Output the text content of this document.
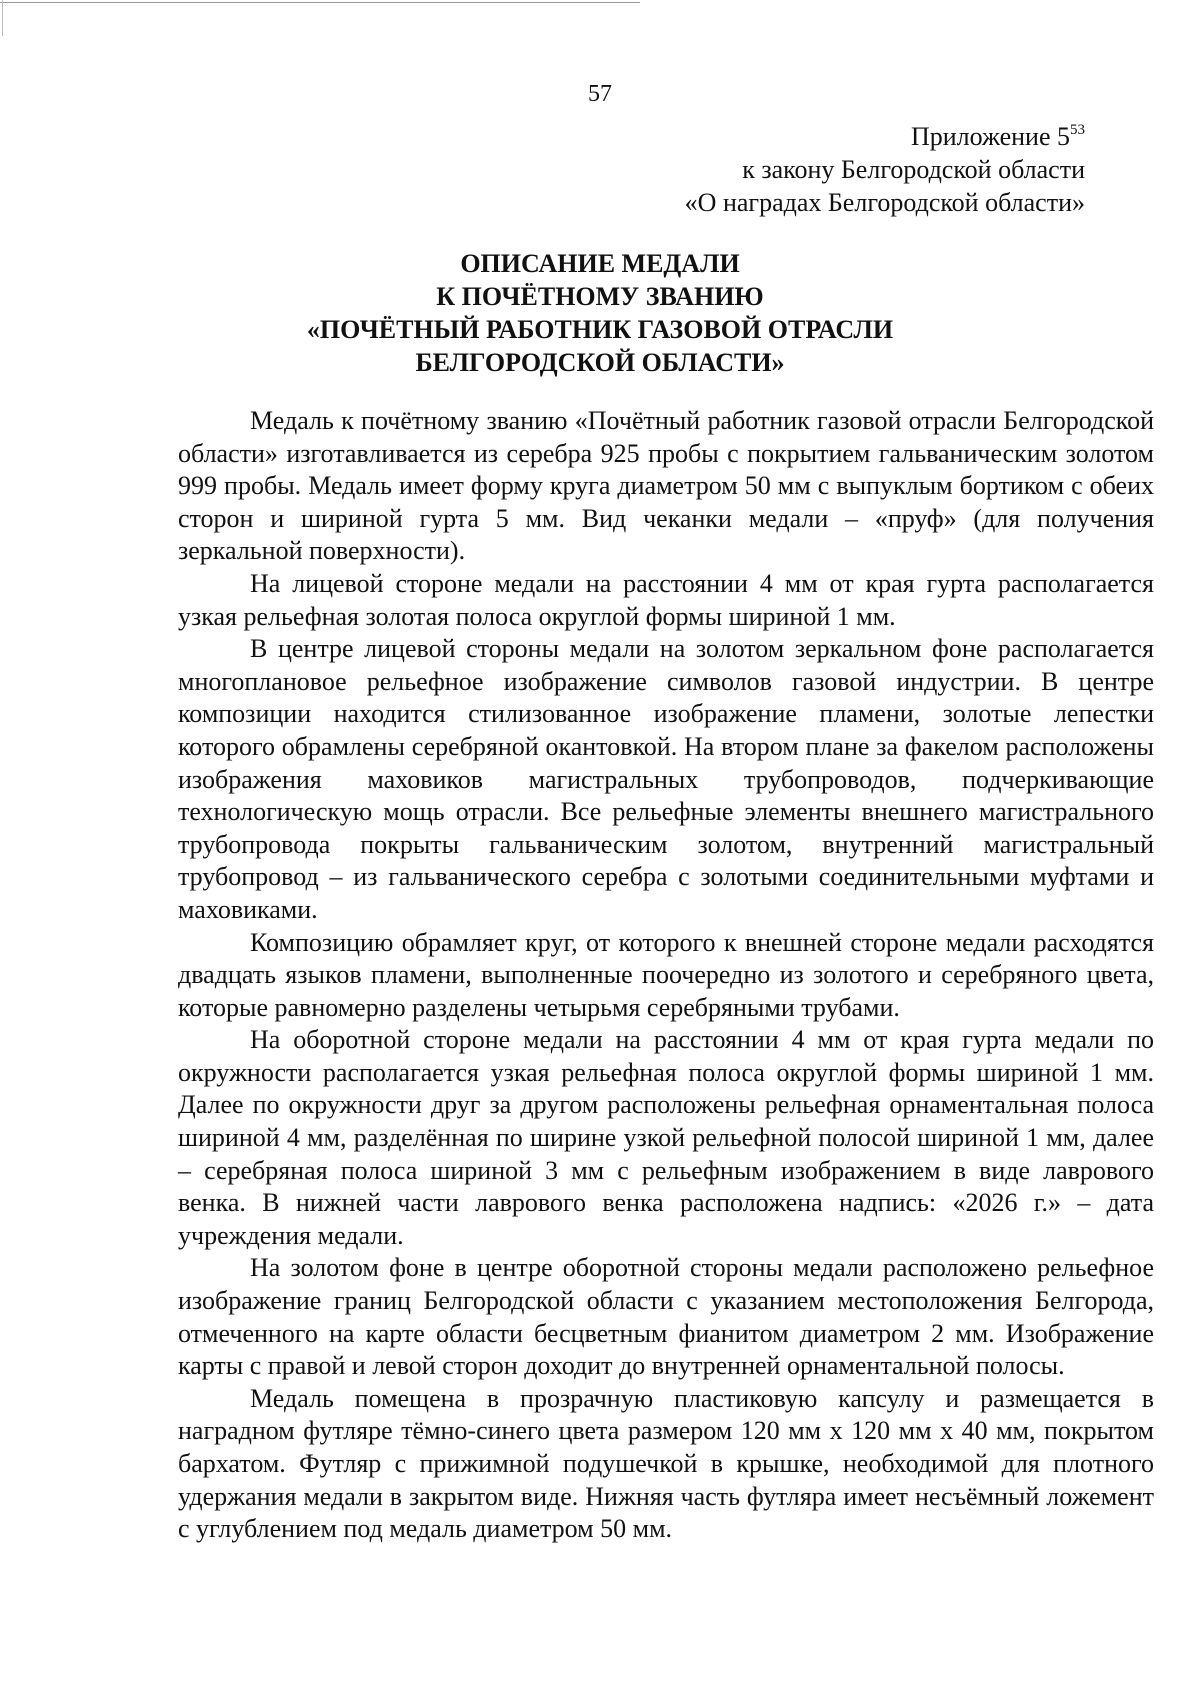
57
Приложение $5^{53}$
к закону Белгородской области
«О наградах Белгородской области»
ОПИСАНИЕ МЕДАЛИ
К ПОЧЁТНОМУ ЗВАНИЮ
«ПОЧЁТНЫЙ РАБОТНИК ГАЗОВОЙ ОТРАСЛИ
БЕЛГОРОДСКОЙ ОБЛАСТИ»

Медаль к почётному званию «Почётный работник газовой отрасли Белгородской области» изготавливается из серебра 925 пробы с покрытием гальваническим золотом 999 пробы. Медаль имеет форму круга диаметром 50 мм с выпуклым бортиком с обеих сторон и шириной гурта 5 мм. Вид чеканки медали – «пруф» (для получения зеркальной поверхности).

На лицевой стороне медали на расстоянии 4 мм от края гурта располагается узкая рельефная золотая полоса округлой формы шириной 1 мм.

В центре лицевой стороны медали на золотом зеркальном фоне располагается многоплановое рельефное изображение символов газовой индустрии. В центре композиции находится стилизованное изображение пламени, золотые лепестки которого обрамлены серебряной окантовкой. На втором плане за факелом расположены изображения маховиков магистральных трубопроводов, подчеркивающие технологическую мощь отрасли. Все рельефные элементы внешнего магистрального трубопровода покрыты гальваническим золотом, внутренний магистральный трубопровод – из гальванического серебра с золотыми соединительными муфтами и маховиками.

Композицию обрамляет круг, от которого к внешней стороне медали расходятся двадцать языков пламени, выполненные поочередно из золотого и серебряного цвета, которые равномерно разделены четырьмя серебряными трубами.

На оборотной стороне медали на расстоянии 4 мм от края гурта медали по окружности располагается узкая рельефная полоса округлой формы шириной 1 мм. Далее по окружности друг за другом расположены рельефная орнаментальная полоса шириной 4 мм, разделённая по ширине узкой рельефной полосой шириной 1 мм, далее – серебряная полоса шириной 3 мм с рельефным изображением в виде лаврового венка. В нижней части лаврового венка расположена надпись: «2026 г.» – дата учреждения медали.

На золотом фоне в центре оборотной стороны медали расположено рельефное изображение границ Белгородской области с указанием местоположения Белгорода, отмеченного на карте области бесцветным фианитом диаметром 2 мм. Изображение карты с правой и левой сторон доходит до внутренней орнаментальной полосы.

Медаль помещена в прозрачную пластиковую капсулу и размещается в наградном футляре тёмно-синего цвета размером 120 мм х 120 мм х 40 мм, покрытом бархатом. Футляр с прижимной подушечкой в крышке, необходимой для плотного удержания медали в закрытом виде. Нижняя часть футляра имеет несъёмный ложемент с углублением под медаль диаметром 50 мм.
